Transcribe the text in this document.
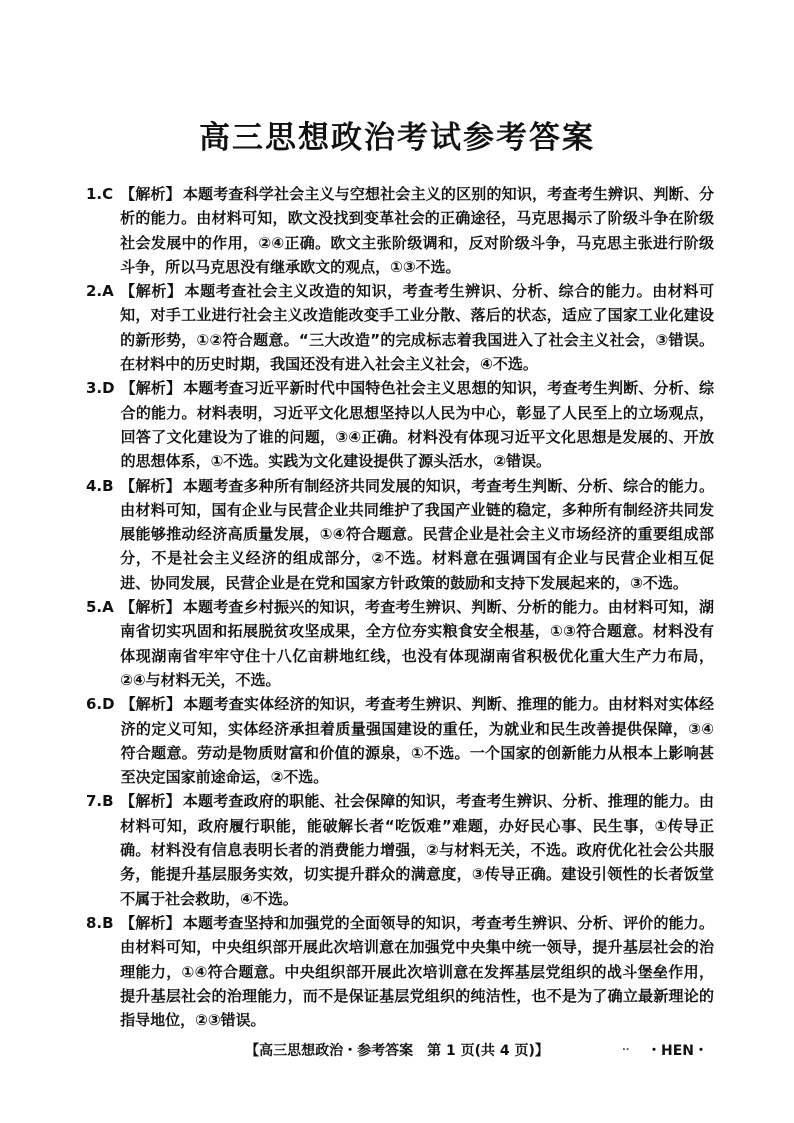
高三思想政治考试参考答案
1. C 【解析】 本题考查科学社会主义与空想社会主义的区别的知识，考查考生辨识、判断、分析的能力。由材料可知，欧文没找到变革社会的正确途径，马克思揭示了阶级斗争在阶级社会发展中的作用，②④正确。欧文主张阶级调和，反对阶级斗争，马克思主张进行阶级斗争，所以马克思没有继承欧文的观点，①③不选。
2. A 【解析】 本题考查社会主义改造的知识，考查考生辨识、分析、综合的能力。由材料可知，对手工业进行社会主义改造能改变手工业分散、落后的状态，适应了国家工业化建设的新形势，①②符合题意。“三大改造”的完成标志着我国进入了社会主义社会，③错误。在材料中的历史时期，我国还没有进入社会主义社会，④不选。
3. D 【解析】 本题考查习近平新时代中国特色社会主义思想的知识，考查考生判断、分析、综合的能力。材料表明，习近平文化思想坚持以人民为中心，彰显了人民至上的立场观点，回答了文化建设为了谁的问题，③④正确。材料没有体现习近平文化思想是发展的、开放的思想体系，①不选。实践为文化建设提供了源头活水，②错误。
4. B 【解析】 本题考查多种所有制经济共同发展的知识，考查考生判断、分析、综合的能力。由材料可知，国有企业与民营企业共同维护了我国产业链的稳定，多种所有制经济共同发展能够推动经济高质量发展，①④符合题意。民营企业是社会主义市场经济的重要组成部分，不是社会主义经济的组成部分，②不选。材料意在强调国有企业与民营企业相互促进、协同发展，民营企业是在党和国家方针政策的鼓励和支持下发展起来的，③不选。
5. A 【解析】 本题考查乡村振兴的知识，考查考生辨识、判断、分析的能力。由材料可知，湖南省切实巩固和拓展脱贫攻坚成果，全方位夯实粮食安全根基，①③符合题意。材料没有体现湖南省牢牢守住十八亿亩耕地红线，也没有体现湖南省积极优化重大生产力布局，②④与材料无关，不选。
6. D 【解析】 本题考查实体经济的知识，考查考生辨识、判断、推理的能力。由材料对实体经济的定义可知，实体经济承担着质量强国建设的重任，为就业和民生改善提供保障，③④符合题意。劳动是物质财富和价值的源泉，①不选。一个国家的创新能力从根本上影响甚至决定国家前途命运，②不选。
7. B 【解析】 本题考查政府的职能、社会保障的知识，考查考生辨识、分析、推理的能力。由材料可知，政府履行职能，能破解长者“吃饭难”难题，办好民心事、民生事，①传导正确。材料没有信息表明长者的消费能力增强，②与材料无关，不选。政府优化社会公共服务，能提升基层服务实效，切实提升群众的满意度，③传导正确。建设引领性的长者饭堂不属于社会救助，④不选。
8. B 【解析】 本题考查坚持和加强党的全面领导的知识，考查考生辨识、分析、评价的能力。由材料可知，中央组织部开展此次培训意在加强党中央集中统一领导，提升基层社会的治理能力，①④符合题意。中央组织部开展此次培训意在发挥基层党组织的战斗堡垒作用，提升基层社会的治理能力，而不是保证基层党组织的纯洁性，也不是为了确立最新理论的指导地位，②③错误。
【高三思想政治・参考答案　第 1 页(共 4 页)】	.. ・HEN・
